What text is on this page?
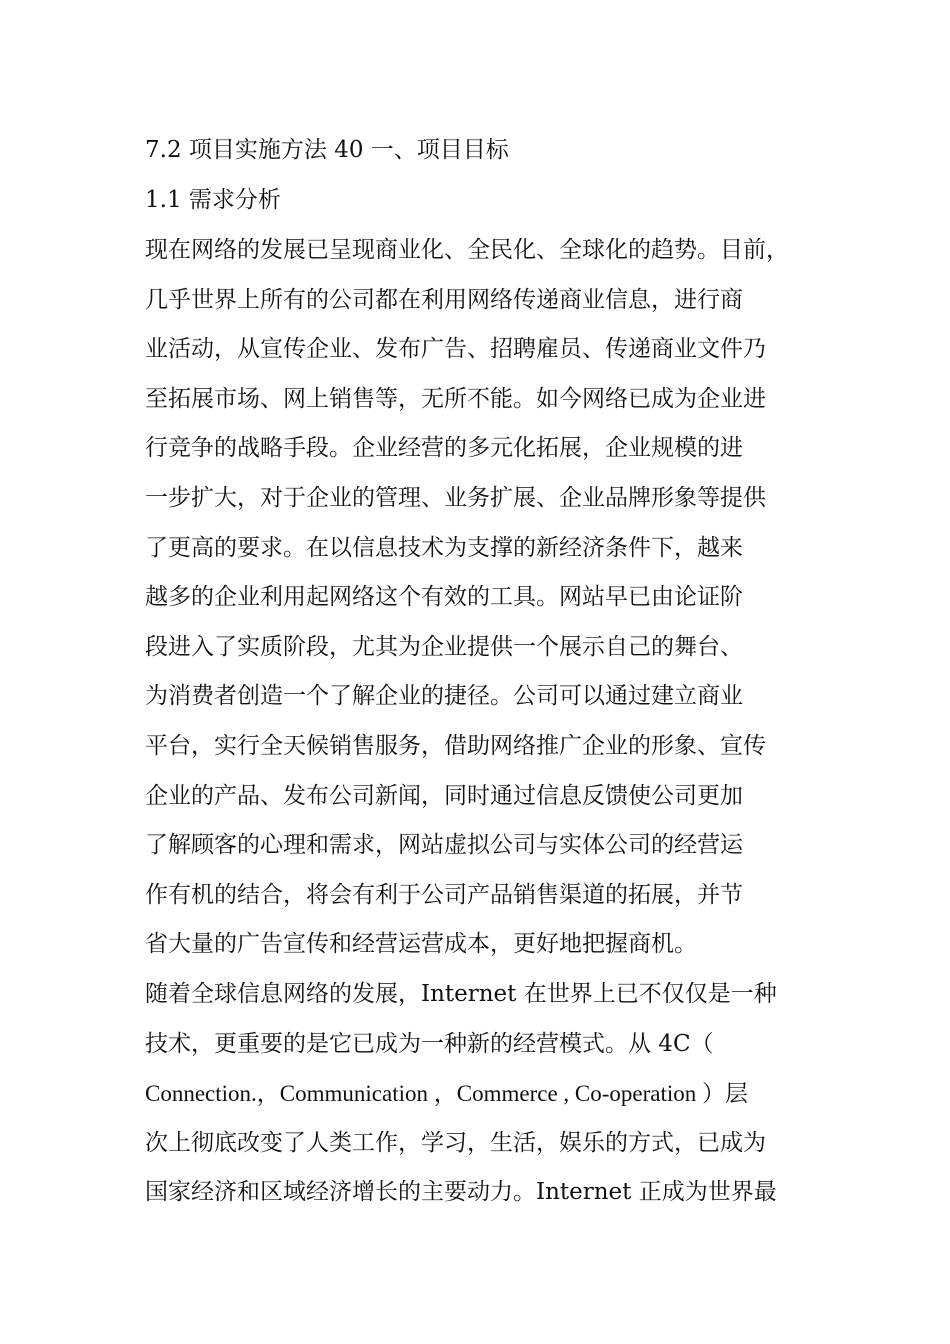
7.2 项目实施方法 40 一、项目目标
1.1 需求分析
现在网络的发展已呈现商业化、全民化、全球化的趋势。目前，
几乎世界上所有的公司都在利用网络传递商业信息，进行商
业活动，从宣传企业、发布广告、招聘雇员、传递商业文件乃
至拓展市场、网上销售等，无所不能。如今网络已成为企业进
行竞争的战略手段。企业经营的多元化拓展，企业规模的进
一步扩大，对于企业的管理、业务扩展、企业品牌形象等提供
了更高的要求。在以信息技术为支撑的新经济条件下，越来
越多的企业利用起网络这个有效的工具。网站早已由论证阶
段进入了实质阶段，尤其为企业提供一个展示自己的舞台、
为消费者创造一个了解企业的捷径。公司可以通过建立商业
平台，实行全天候销售服务，借助网络推广企业的形象、宣传
企业的产品、发布公司新闻，同时通过信息反馈使公司更加
了解顾客的心理和需求，网站虚拟公司与实体公司的经营运
作有机的结合，将会有利于公司产品销售渠道的拓展，并节
省大量的广告宣传和经营运营成本，更好地把握商机。
随着全球信息网络的发展，Internet 在世界上已不仅仅是一种
技术，更重要的是它已成为一种新的经营模式。从 4C（
Connection.，Communication ，Commerce , Co-operation ）层
次上彻底改变了人类工作，学习，生活，娱乐的方式，已成为
国家经济和区域经济增长的主要动力。Internet 正成为世界最
